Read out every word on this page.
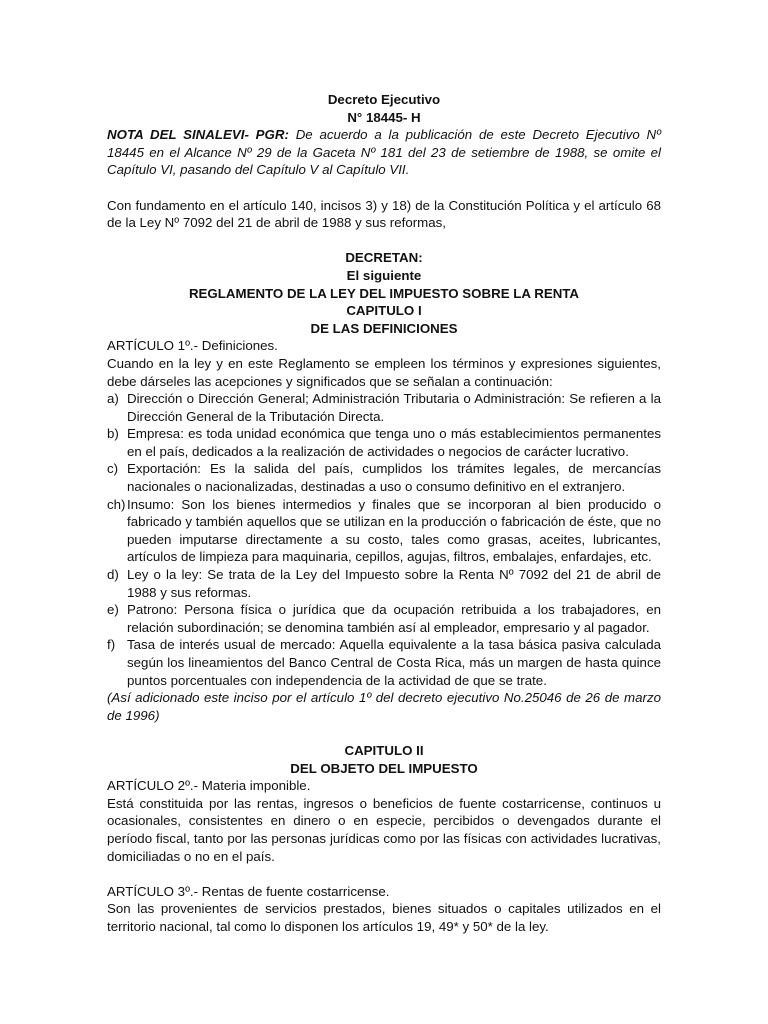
Decreto Ejecutivo

N° 18445- H

NOTA DEL SINALEVI- PGR: De acuerdo a la publicación de este Decreto Ejecutivo Nº 18445 en el Alcance Nº 29 de la Gaceta Nº 181 del 23 de setiembre de 1988, se omite el Capítulo VI, pasando del Capítulo V al Capítulo VII.

Con fundamento en el artículo 140, incisos 3) y 18) de la Constitución Política y el artículo 68 de la Ley Nº 7092 del 21 de abril de 1988 y sus reformas,

DECRETAN:

El siguiente

REGLAMENTO DE LA LEY DEL IMPUESTO SOBRE LA RENTA

CAPITULO I

DE LAS DEFINICIONES

ARTÍCULO 1º.- Definiciones.

Cuando en la ley y en este Reglamento se empleen los términos y expresiones siguientes, debe dárseles las acepciones y significados que se señalan a continuación:

a) Dirección o Dirección General; Administración Tributaria o Administración: Se refieren a la Dirección General de la Tributación Directa.
b) Empresa: es toda unidad económica que tenga uno o más establecimientos permanentes en el país, dedicados a la realización de actividades o negocios de carácter lucrativo.
c) Exportación: Es la salida del país, cumplidos los trámites legales, de mercancías nacionales o nacionalizadas, destinadas a uso o consumo definitivo en el extranjero.
ch) Insumo: Son los bienes intermedios y finales que se incorporan al bien producido o fabricado y también aquellos que se utilizan en la producción o fabricación de éste, que no pueden imputarse directamente a su costo, tales como grasas, aceites, lubricantes, artículos de limpieza para maquinaria, cepillos, agujas, filtros, embalajes, enfardajes, etc.
d) Ley o la ley: Se trata de la Ley del Impuesto sobre la Renta Nº 7092 del 21 de abril de 1988 y sus reformas.
e) Patrono: Persona física o jurídica que da ocupación retribuida a los trabajadores, en relación subordinación; se denomina también así al empleador, empresario y al pagador.
f) Tasa de interés usual de mercado: Aquella equivalente a la tasa básica pasiva calculada según los lineamientos del Banco Central de Costa Rica, más un margen de hasta quince puntos porcentuales con independencia de la actividad de que se trate.

(Así adicionado este inciso por el artículo 1º del decreto ejecutivo No.25046 de 26 de marzo de 1996)

CAPITULO II

DEL OBJETO DEL IMPUESTO

ARTÍCULO 2º.- Materia imponible.

Está constituida por las rentas, ingresos o beneficios de fuente costarricense, continuos u ocasionales, consistentes en dinero o en especie, percibidos o devengados durante el período fiscal, tanto por las personas jurídicas como por las físicas con actividades lucrativas, domiciliadas o no en el país.

ARTÍCULO 3º.- Rentas de fuente costarricense.

Son las provenientes de servicios prestados, bienes situados o capitales utilizados en el territorio nacional, tal como lo disponen los artículos 19, 49* y 50* de la ley.
